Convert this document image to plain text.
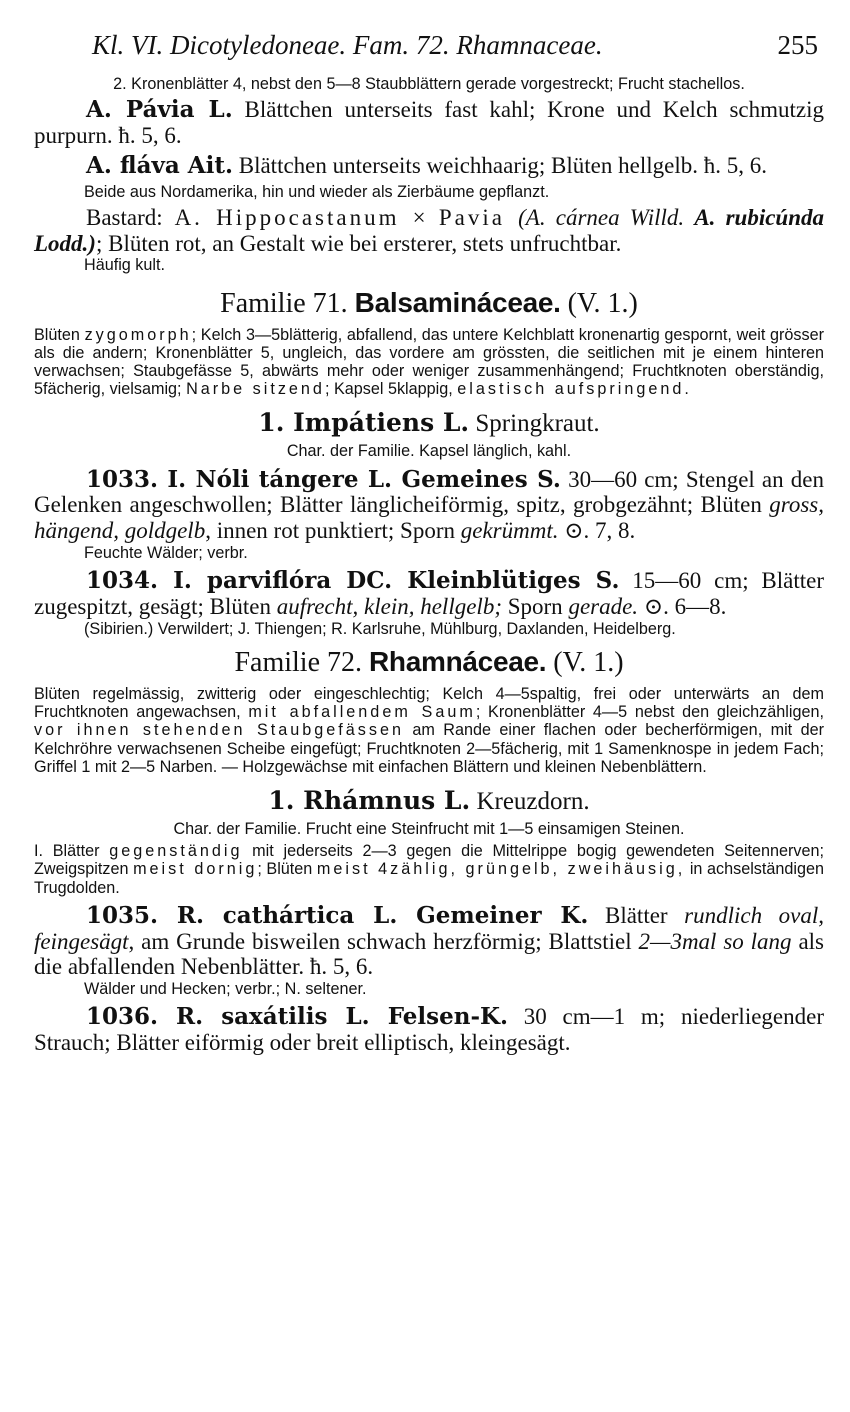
Kl. VI. Dicotyledoneae. Fam. 72. Rhamnaceae.	255

2. Kronenblätter 4, nebst den 5—8 Staubblättern gerade vorgestreckt; Frucht stachellos.

A. Pávia L. Blättchen unterseits fast kahl; Krone und Kelch schmutzig purpurn. ħ. 5, 6.

A. fláva Ait. Blättchen unterseits weichhaarig; Blüten hellgelb. ħ. 5, 6.

Beide aus Nordamerika, hin und wieder als Zierbäume gepflanzt.

Bastard: A. Hippocastanum × Pavia (A. cárnea Willd. A. rubicúnda Lodd.); Blüten rot, an Gestalt wie bei ersterer, stets unfruchtbar.

Häufig kult.

Familie 71. Balsamináceae. (V. 1.)

Blüten zygomorph; Kelch 3—5blätterig, abfallend, das untere Kelchblatt kronenartig gespornt, weit grösser als die andern; Kronenblätter 5, ungleich, das vordere am grössten, die seitlichen mit je einem hinteren verwachsen; Staubgefässe 5, abwärts mehr oder weniger zusammenhängend; Fruchtknoten oberständig, 5fächerig, vielsamig; Narbe sitzend; Kapsel 5klappig, elastisch aufspringend.

1. Impátiens L. Springkraut.

Char. der Familie. Kapsel länglich, kahl.

1033. I. Nóli tángere L. Gemeines S. 30—60 cm; Stengel an den Gelenken angeschwollen; Blätter länglicheiförmig, spitz, grobgezähnt; Blüten gross, hängend, goldgelb, innen rot punktiert; Sporn gekrümmt. ⊙. 7, 8.

Feuchte Wälder; verbr.

1034. I. parviflóra DC. Kleinblütiges S. 15—60 cm; Blätter zugespitzt, gesägt; Blüten aufrecht, klein, hellgelb; Sporn gerade. ⊙. 6—8.

(Sibirien.) Verwildert; J. Thiengen; R. Karlsruhe, Mühlburg, Daxlanden, Heidelberg.

Familie 72. Rhamnáceae. (V. 1.)

Blüten regelmässig, zwitterig oder eingeschlechtig; Kelch 4—5spaltig, frei oder unterwärts an dem Fruchtknoten angewachsen, mit abfallendem Saum; Kronenblätter 4—5 nebst den gleichzähligen, vor ihnen stehenden Staubgefässen am Rande einer flachen oder becherförmigen, mit der Kelchröhre verwachsenen Scheibe eingefügt; Fruchtknoten 2—5fächerig, mit 1 Samenknospe in jedem Fach; Griffel 1 mit 2—5 Narben. — Holzgewächse mit einfachen Blättern und kleinen Nebenblättern.

1. Rhámnus L. Kreuzdorn.

Char. der Familie. Frucht eine Steinfrucht mit 1—5 einsamigen Steinen.

I. Blätter gegenständig mit jederseits 2—3 gegen die Mittelrippe bogig gewendeten Seitennerven; Zweigspitzen meist dornig; Blüten meist 4zählig, grüngelb, zweihäusig, in achselständigen Trugdolden.

1035. R. cathártica L. Gemeiner K. Blätter rundlich oval, feingesägt, am Grunde bisweilen schwach herzförmig; Blattstiel 2—3mal so lang als die abfallenden Nebenblätter. ħ. 5, 6.

Wälder und Hecken; verbr.; N. seltener.

1036. R. saxátilis L. Felsen-K. 30 cm—1 m; niederliegender Strauch; Blätter eiförmig oder breit elliptisch, kleingesägt.
